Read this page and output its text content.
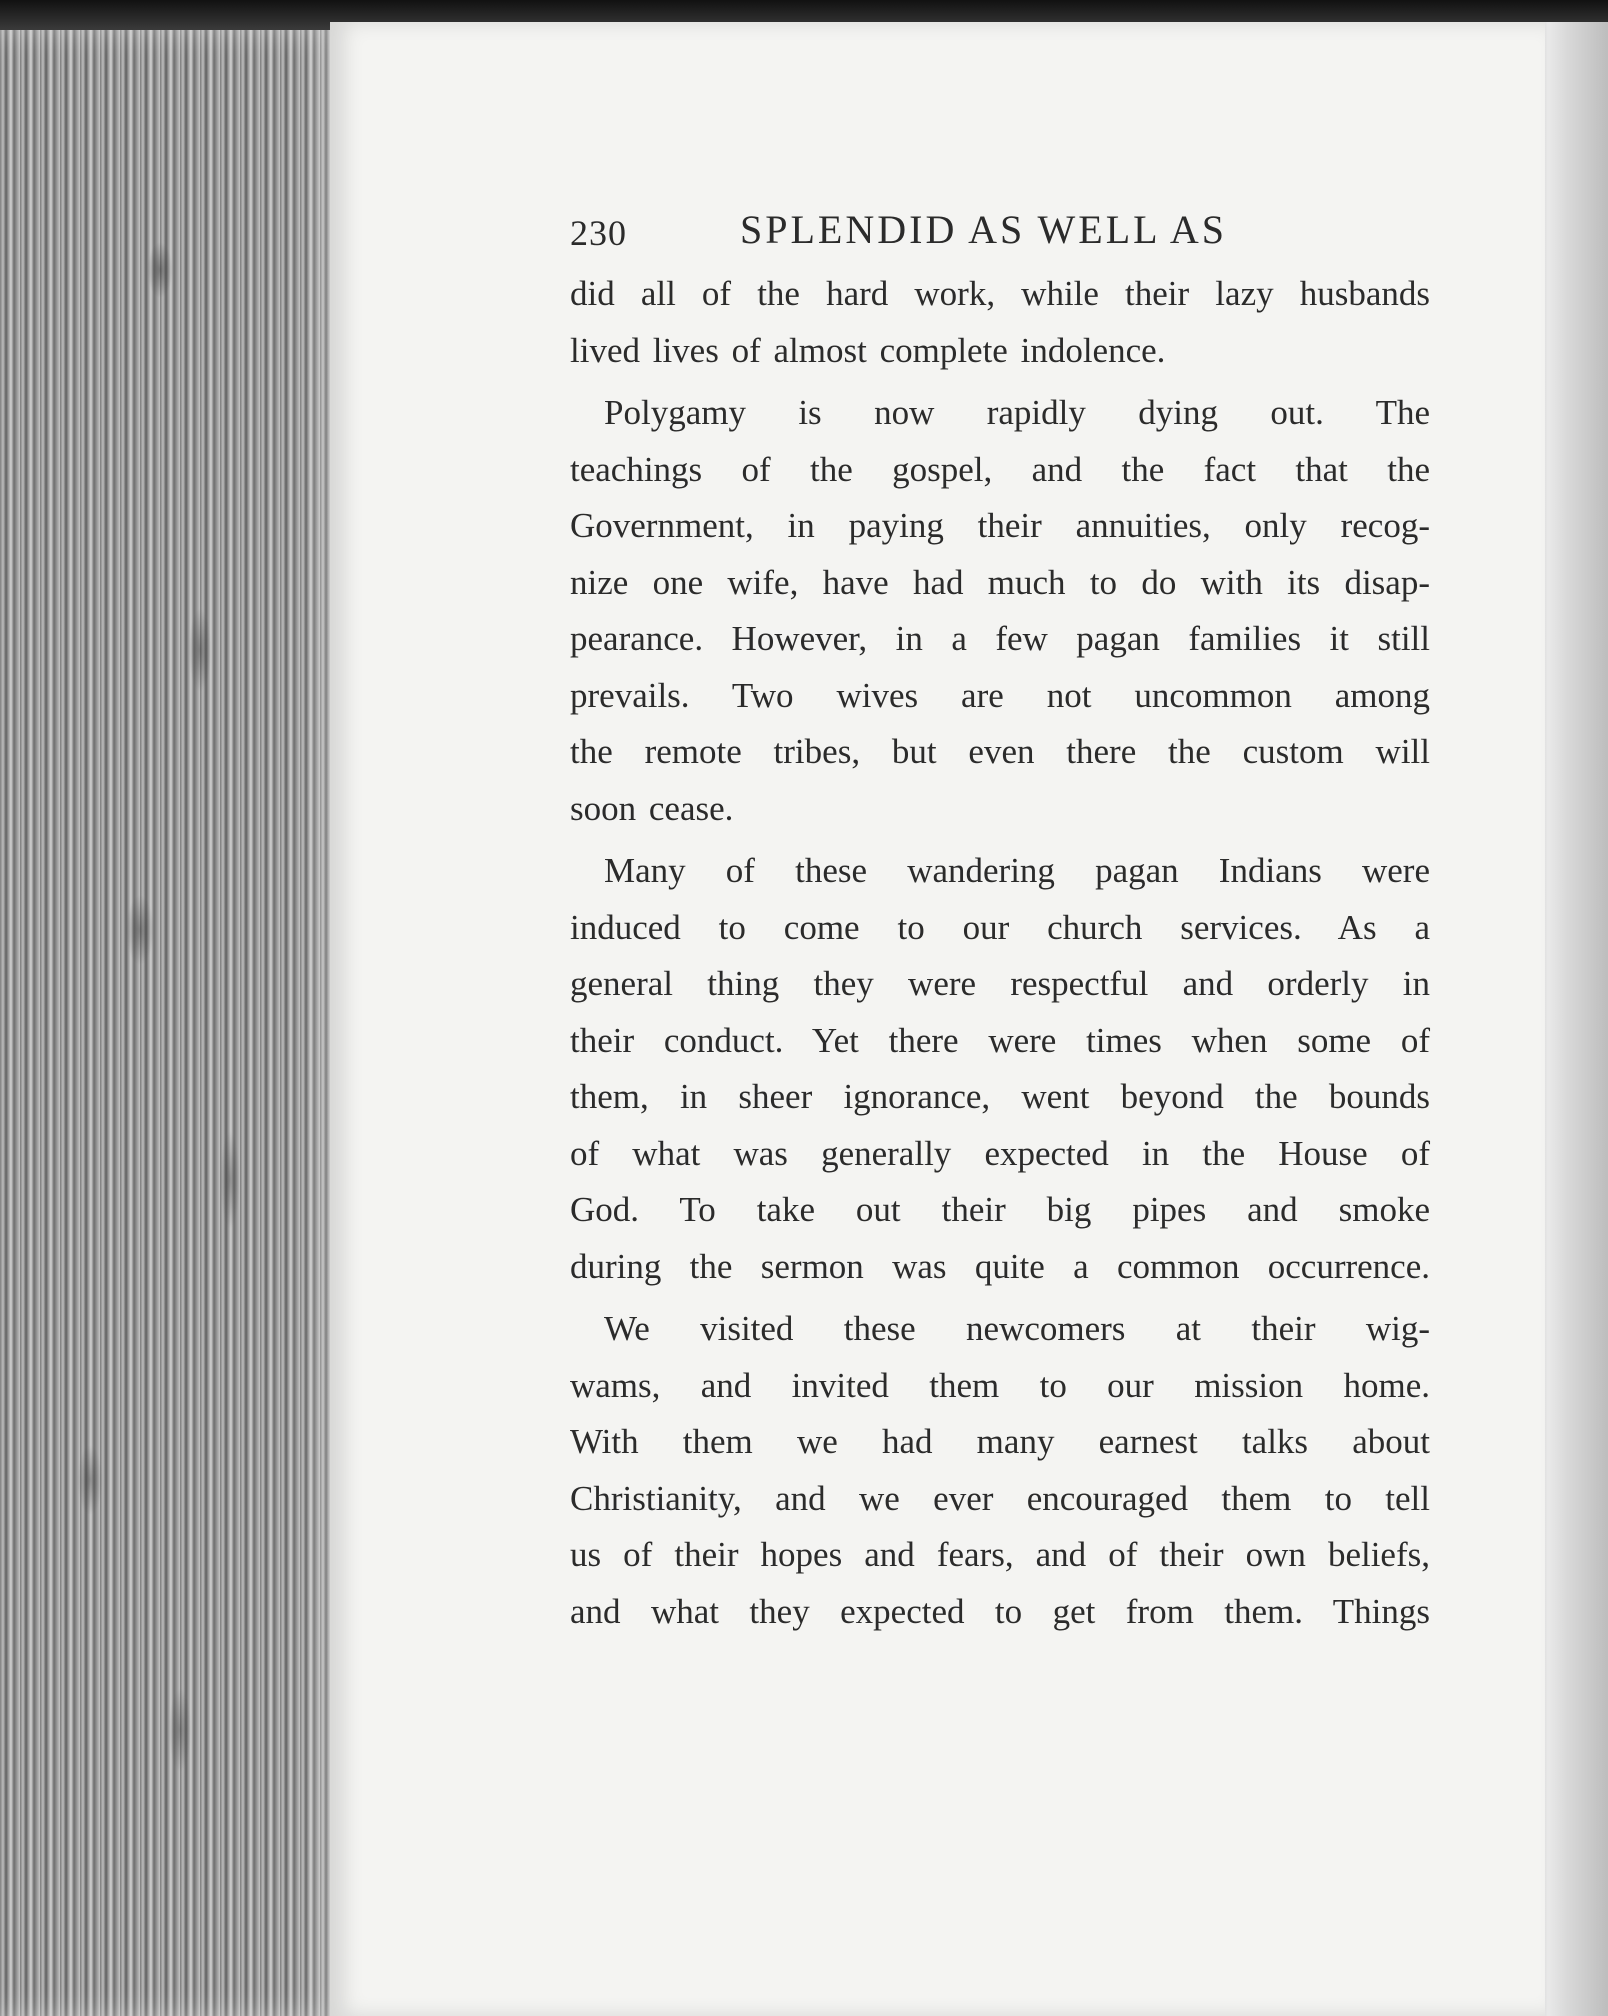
230	SPLENDID AS WELL AS
did all of the hard work, while their lazy husbands
lived lives of almost complete indolence.
Polygamy is now rapidly dying out. The
teachings of the gospel, and the fact that the
Government, in paying their annuities, only recog-
nize one wife, have had much to do with its disap-
pearance. However, in a few pagan families it still
prevails. Two wives are not uncommon among
the remote tribes, but even there the custom will
soon cease.
Many of these wandering pagan Indians were
induced to come to our church services. As a
general thing they were respectful and orderly in
their conduct. Yet there were times when some of
them, in sheer ignorance, went beyond the bounds
of what was generally expected in the House of
God. To take out their big pipes and smoke
during the sermon was quite a common occurrence.
We visited these newcomers at their wig-
wams, and invited them to our mission home.
With them we had many earnest talks about
Christianity, and we ever encouraged them to tell
us of their hopes and fears, and of their own beliefs,
and what they expected to get from them. Things
